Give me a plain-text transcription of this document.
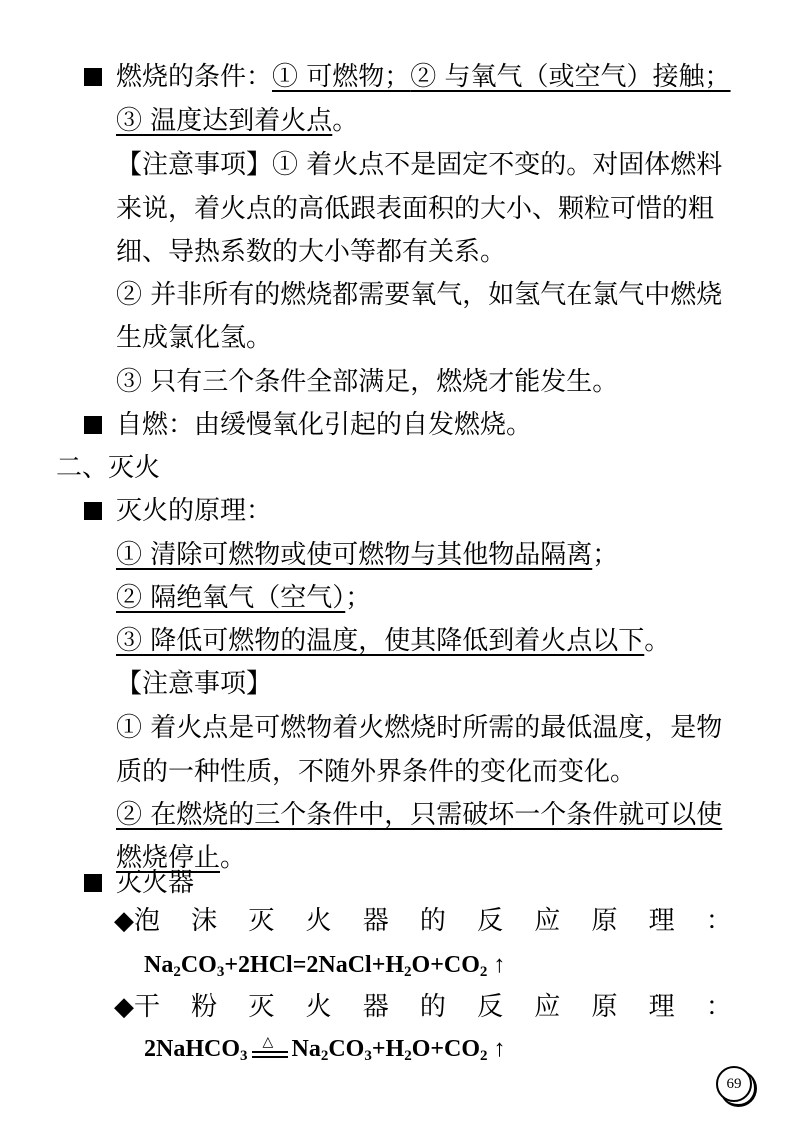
燃烧的条件：① 可燃物；② 与氧气（或空气）接触；
③ 温度达到着火点。
【注意事项】① 着火点不是固定不变的。对固体燃料
来说，着火点的高低跟表面积的大小、颗粒可惜的粗
细、导热系数的大小等都有关系。
② 并非所有的燃烧都需要氧气，如氢气在氯气中燃烧
生成氯化氢。
③ 只有三个条件全部满足，燃烧才能发生。
自燃：由缓慢氧化引起的自发燃烧。
二、灭火
灭火的原理：
① 清除可燃物或使可燃物与其他物品隔离；
② 隔绝氧气（空气）；
③ 降低可燃物的温度，使其降低到着火点以下。
【注意事项】
① 着火点是可燃物着火燃烧时所需的最低温度，是物
质的一种性质，不随外界条件的变化而变化。
② 在燃烧的三个条件中，只需破坏一个条件就可以使
燃烧停止。
灭火器
◆泡 沫 灭 火 器 的 反 应 原 理 ：
$Na_2CO_3+2HCl=2NaCl+H_2O+CO_2$ ↑
◆干 粉 灭 火 器 的 反 应 原 理 ：
2NaHCO$_3$
△ $Na_2CO_3+H_2O+CO_2$ ↑
69
